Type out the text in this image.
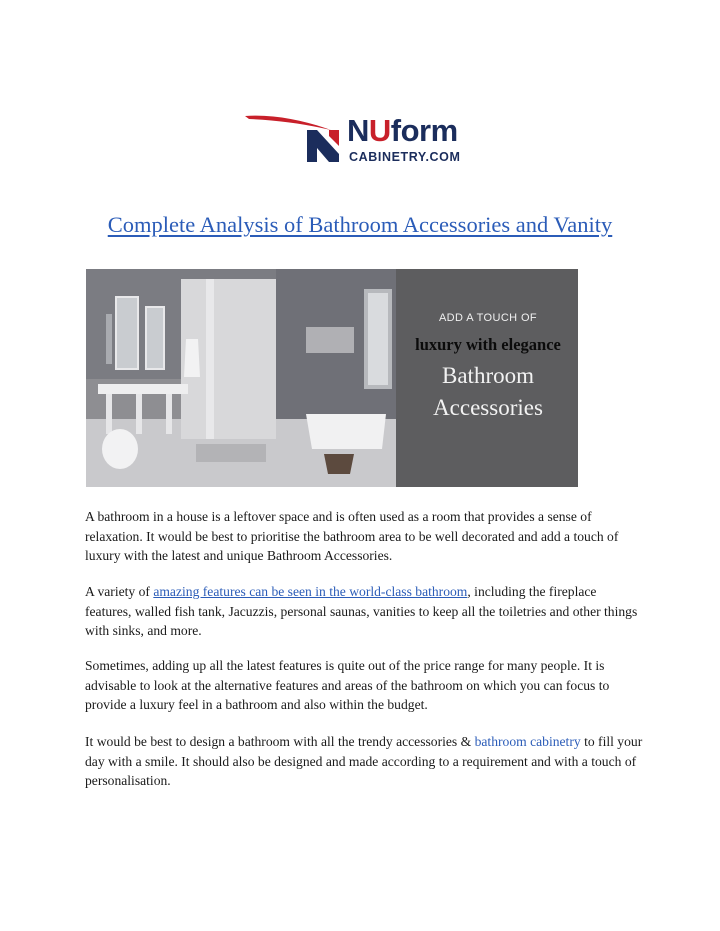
NUform
CABINETRY.COM
Complete Analysis of Bathroom Accessories and Vanity
ADD A TOUCH OF
luxury with elegance
Bathroom
Accessories
A bathroom in a house is a leftover space and is often used as a room that provides a sense of relaxation. It would be best to prioritise the bathroom area to be well decorated and add a touch of luxury with the latest and unique Bathroom Accessories.
A variety of amazing features can be seen in the world-class bathroom, including the fireplace features, walled fish tank, Jacuzzis, personal saunas, vanities to keep all the toiletries and other things with sinks, and more.
Sometimes, adding up all the latest features is quite out of the price range for many people. It is advisable to look at the alternative features and areas of the bathroom on which you can focus to provide a luxury feel in a bathroom and also within the budget.
It would be best to design a bathroom with all the trendy accessories & bathroom cabinetry to fill your day with a smile. It should also be designed and made according to a requirement and with a touch of personalisation.
